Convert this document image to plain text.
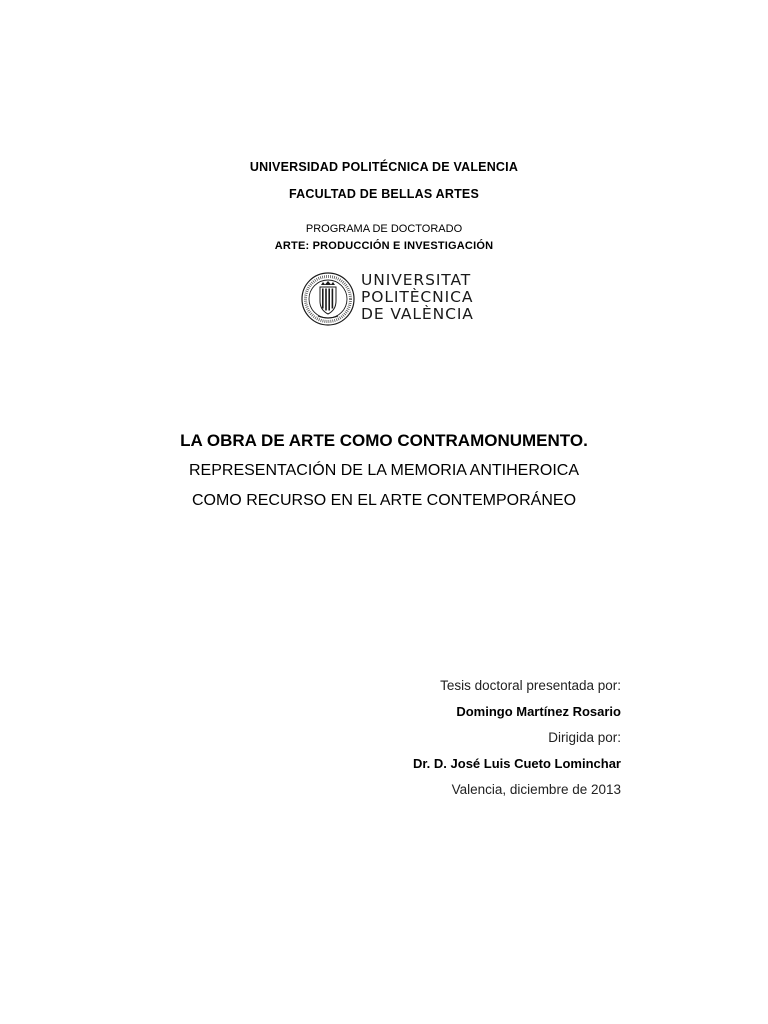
UNIVERSIDAD POLITÉCNICA DE VALENCIA
FACULTAD DE BELLAS ARTES
PROGRAMA DE DOCTORADO
ARTE: PRODUCCIÓN E INVESTIGACIÓN
UNIVERSITAT
POLITÈCNICA
DE VALÈNCIA
LA OBRA DE ARTE COMO CONTRAMONUMENTO.
REPRESENTACIÓN DE LA MEMORIA ANTIHEROICA
COMO RECURSO EN EL ARTE CONTEMPORÁNEO
Tesis doctoral presentada por:
Domingo Martínez Rosario
Dirigida por:
Dr. D. José Luis Cueto Lominchar
Valencia, diciembre de 2013
